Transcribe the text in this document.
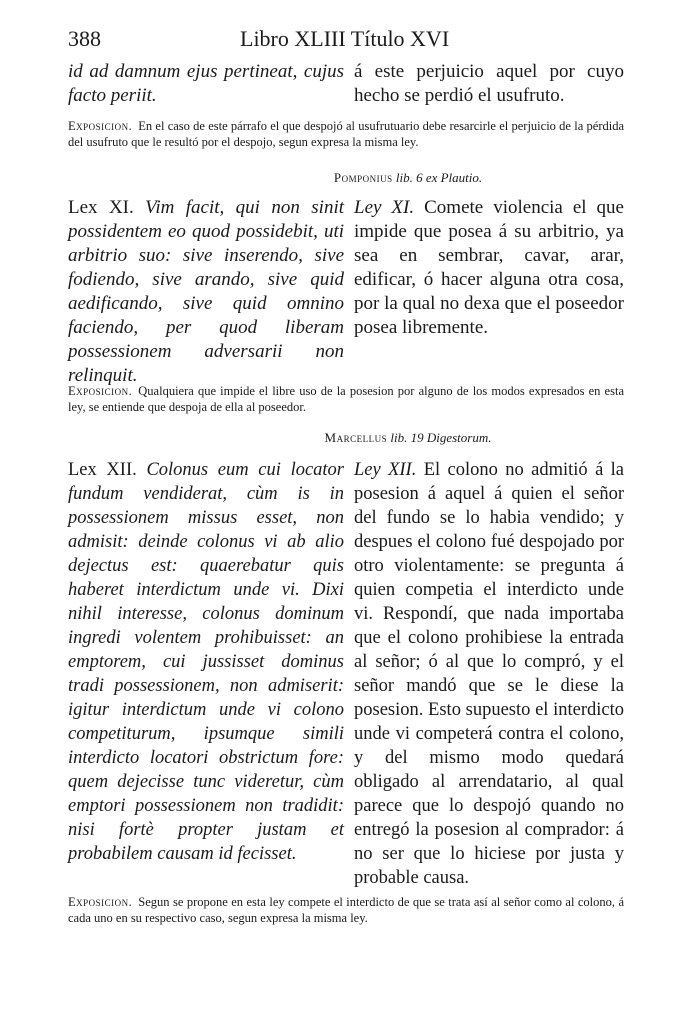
388	Libro XLIII Título XVI

id ad damnum ejus pertineat, cujus facto periit.

á este perjuicio aquel por cuyo hecho se perdió el usufruto.

Exposicion. En el caso de este párrafo el que despojó al usufrutuario debe resarcirle el perjuicio de la pérdida del usufruto que le resultó por el despojo, segun expresa la misma ley.
Pomponius lib. 6 ex Plautio.

Lex XI. Vim facit, qui non sinit possidentem eo quod possidebit, uti arbitrio suo: sive inserendo, sive fodiendo, sive arando, sive quid aedificando, sive quid omnino faciendo, per quod liberam possessionem adversarii non relinquit.

Ley XI. Comete violencia el que impide que posea á su arbitrio, ya sea en sembrar, cavar, arar, edificar, ó hacer alguna otra cosa, por la qual no dexa que el poseedor posea libremente.

Exposicion. Qualquiera que impide el libre uso de la posesion por alguno de los modos expresados en esta ley, se entiende que despoja de ella al poseedor.
Marcellus lib. 19 Digestorum.

Lex XII. Colonus eum cui locator fundum vendiderat, cùm is in possessionem missus esset, non admisit: deinde colonus vi ab alio dejectus est: quaerebatur quis haberet interdictum unde vi. Dixi nihil interesse, colonus dominum ingredi volentem prohibuisset: an emptorem, cui jussisset dominus tradi possessionem, non admiserit: igitur interdictum unde vi colono competiturum, ipsumque simili interdicto locatori obstrictum fore: quem dejecisse tunc videretur, cùm emptori possessionem non tradidit: nisi fortè propter justam et probabilem causam id fecisset.

Ley XII. El colono no admitió á la posesion á aquel á quien el señor del fundo se lo habia vendido; y despues el colono fué despojado por otro violentamente: se pregunta á quien competia el interdicto unde vi. Respondí, que nada importaba que el colono prohibiese la entrada al señor; ó al que lo compró, y el señor mandó que se le diese la posesion. Esto supuesto el interdicto unde vi competerá contra el colono, y del mismo modo quedará obligado al arrendatario, al qual parece que lo despojó quando no entregó la posesion al comprador: á no ser que lo hiciese por justa y probable causa.

Exposicion. Segun se propone en esta ley compete el interdicto de que se trata así al señor como al colono, á cada uno en su respectivo caso, segun expresa la misma ley.
